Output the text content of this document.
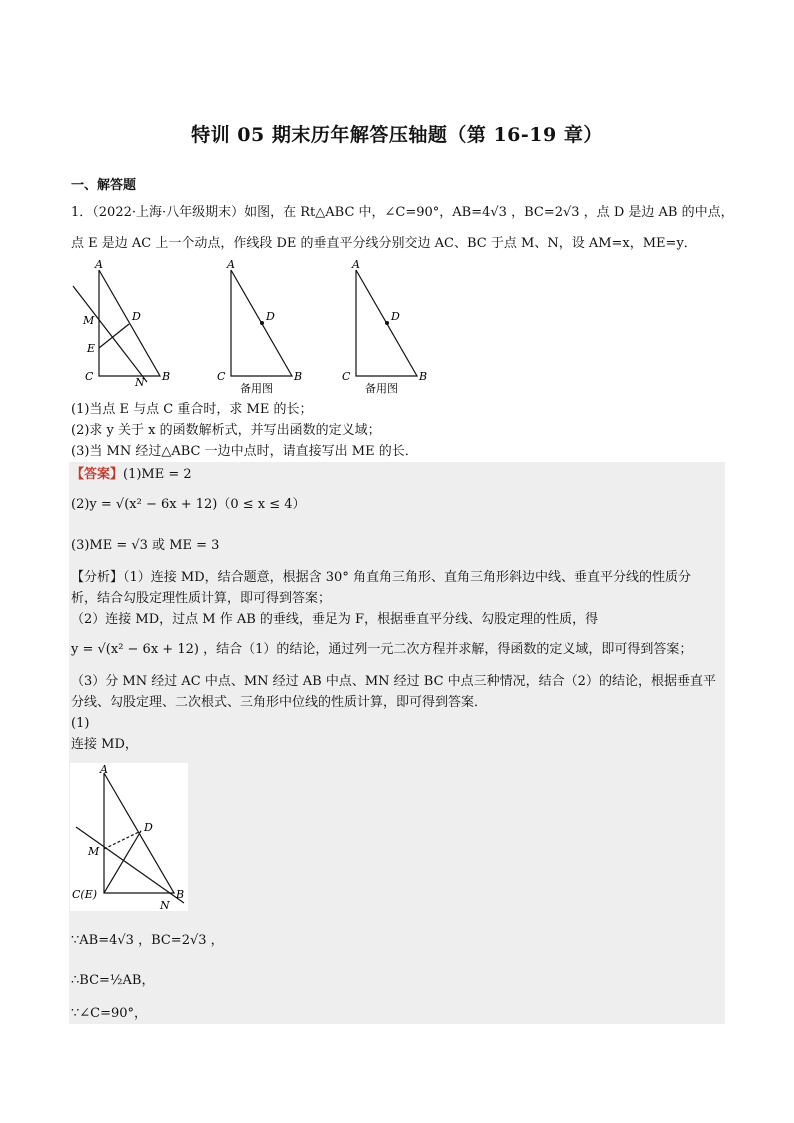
特训 05 期末历年解答压轴题（第 16-19 章）
一、解答题
1．（2022·上海·八年级期末）如图，在 Rt△ABC 中，∠C=90°，AB=4√3 ，BC=2√3 ，点 D 是边 AB 的中点，
点 E 是边 AC 上一个动点，作线段 DE 的垂直平分线分别交边 AC、BC 于点 M、N，设 AM=x，ME=y．
A
B
C
D
E
M
N
A
B
C
D
备用图
A
B
C
D
备用图
(1)当点 E 与点 C 重合时，求 ME 的长；
(2)求 y 关于 x 的函数解析式，并写出函数的定义域；
(3)当 MN 经过△ABC 一边中点时，请直接写出 ME 的长．
【答案】(1)ME = 2
(2)y = √(x² − 6x + 12)（0 ≤ x ≤ 4）
(3)ME = √3 或 ME = 3
【分析】（1）连接 MD，结合题意，根据含 30° 角直角三角形、直角三角形斜边中线、垂直平分线的性质分
析，结合勾股定理性质计算，即可得到答案；
（2）连接 MD，过点 M 作 AB 的垂线，垂足为 F，根据垂直平分线、勾股定理的性质，得
y = √(x² − 6x + 12) ，结合（1）的结论，通过列一元二次方程并求解，得函数的定义域，即可得到答案；
（3）分 MN 经过 AC 中点、MN 经过 AB 中点、MN 经过 BC 中点三种情况，结合（2）的结论，根据垂直平
分线、勾股定理、二次根式、三角形中位线的性质计算，即可得到答案．
(1)
连接 MD，
A
B
C(E)
D
M
N
∵AB=4√3 ，BC=2√3 ，
∴BC=½AB，
∵∠C=90°，
